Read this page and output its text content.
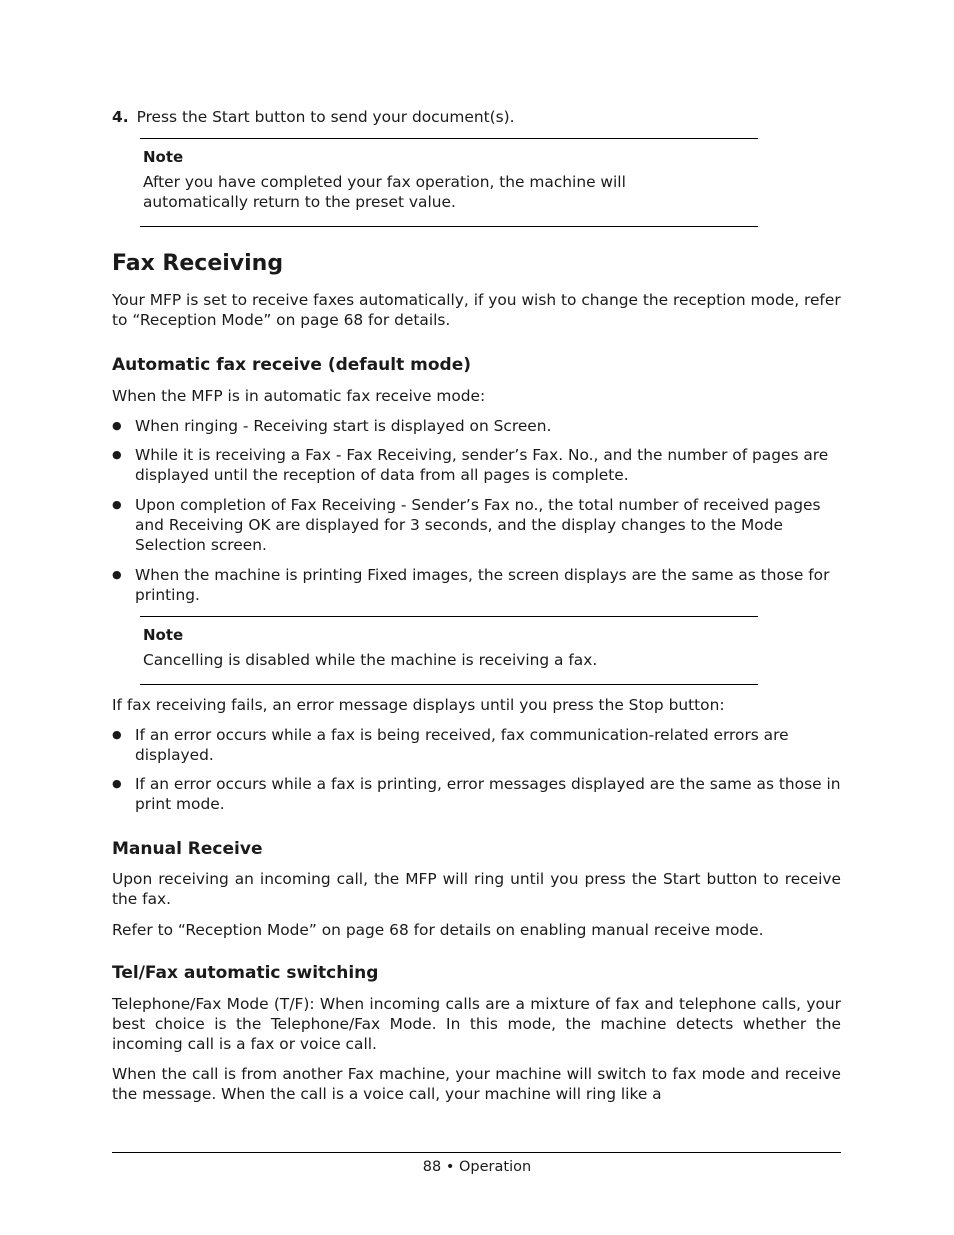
4. Press the Start button to send your document(s).

Note

After you have completed your fax operation, the machine will automatically return to the preset value.

Fax Receiving

Your MFP is set to receive faxes automatically, if you wish to change the reception mode, refer to “Reception Mode” on page 68 for details.

Automatic fax receive (default mode)

When the MFP is in automatic fax receive mode:

● When ringing - Receiving start is displayed on Screen.
● While it is receiving a Fax - Fax Receiving, sender’s Fax. No., and the number of pages are displayed until the reception of data from all pages is complete.
● Upon completion of Fax Receiving - Sender’s Fax no., the total number of received pages and Receiving OK are displayed for 3 seconds, and the display changes to the Mode Selection screen.
● When the machine is printing Fixed images, the screen displays are the same as those for printing.
Note

Cancelling is disabled while the machine is receiving a fax.

If fax receiving fails, an error message displays until you press the Stop button:

● If an error occurs while a fax is being received, fax communication-related errors are displayed.
● If an error occurs while a fax is printing, error messages displayed are the same as those in print mode.
Manual Receive

Upon receiving an incoming call, the MFP will ring until you press the Start button to receive the fax.

Refer to “Reception Mode” on page 68 for details on enabling manual receive mode.

Tel/Fax automatic switching

Telephone/Fax Mode (T/F): When incoming calls are a mixture of fax and telephone calls, your best choice is the Telephone/Fax Mode. In this mode, the machine detects whether the incoming call is a fax or voice call.

When the call is from another Fax machine, your machine will switch to fax mode and receive the message. When the call is a voice call, your machine will ring like a

88 • Operation
